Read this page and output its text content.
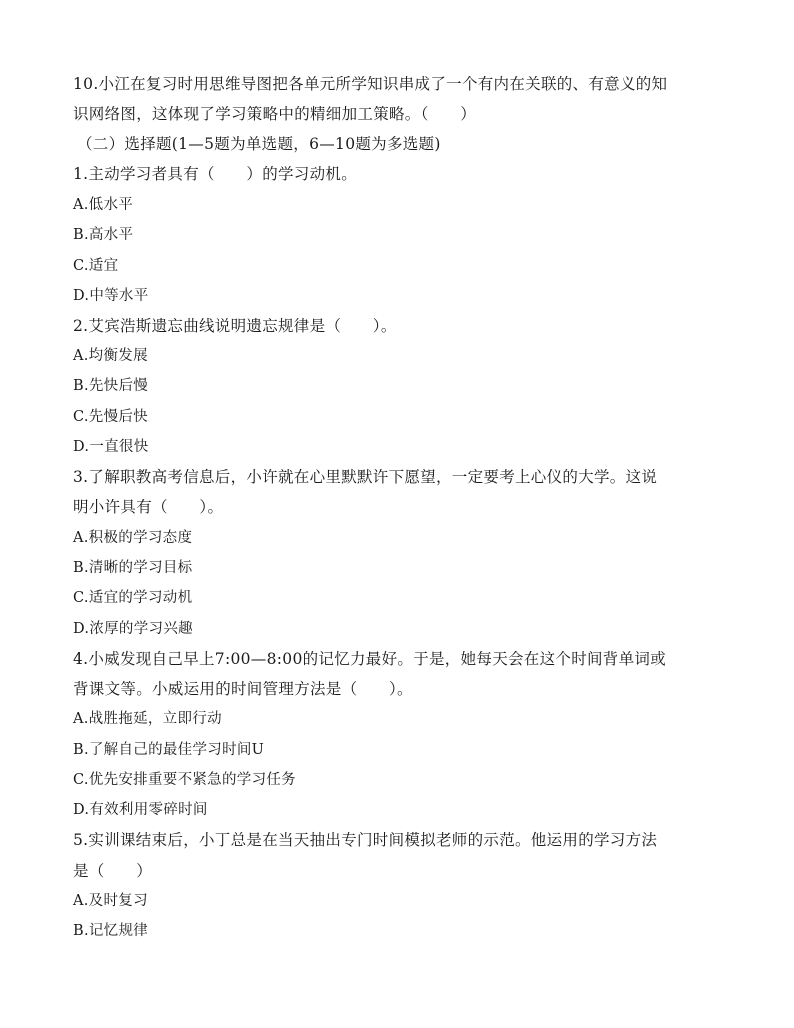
10.小江在复习时用思维导图把各单元所学知识串成了一个有内在关联的、有意义的知
识网络图，这体现了学习策略中的精细加工策略。（　　）
（二）选择题(1—5题为单选题，6—10题为多选题)
1.主动学习者具有（　　）的学习动机。
A.低水平
B.高水平
C.适宜
D.中等水平
2.艾宾浩斯遗忘曲线说明遗忘规律是（　　）。
A.均衡发展
B.先快后慢
C.先慢后快
D.一直很快
3.了解职教高考信息后，小许就在心里默默许下愿望，一定要考上心仪的大学。这说
明小许具有（　　）。
A.积极的学习态度
B.清晰的学习目标
C.适宜的学习动机
D.浓厚的学习兴趣
4.小威发现自己早上7:00—8:00的记忆力最好。于是，她每天会在这个时间背单词或
背课文等。小威运用的时间管理方法是（　　）。
A.战胜拖延，立即行动
B.了解自己的最佳学习时间U
C.优先安排重要不紧急的学习任务
D.有效利用零碎时间
5.实训课结束后，小丁总是在当天抽出专门时间模拟老师的示范。他运用的学习方法
是（　　）
A.及时复习
B.记忆规律
